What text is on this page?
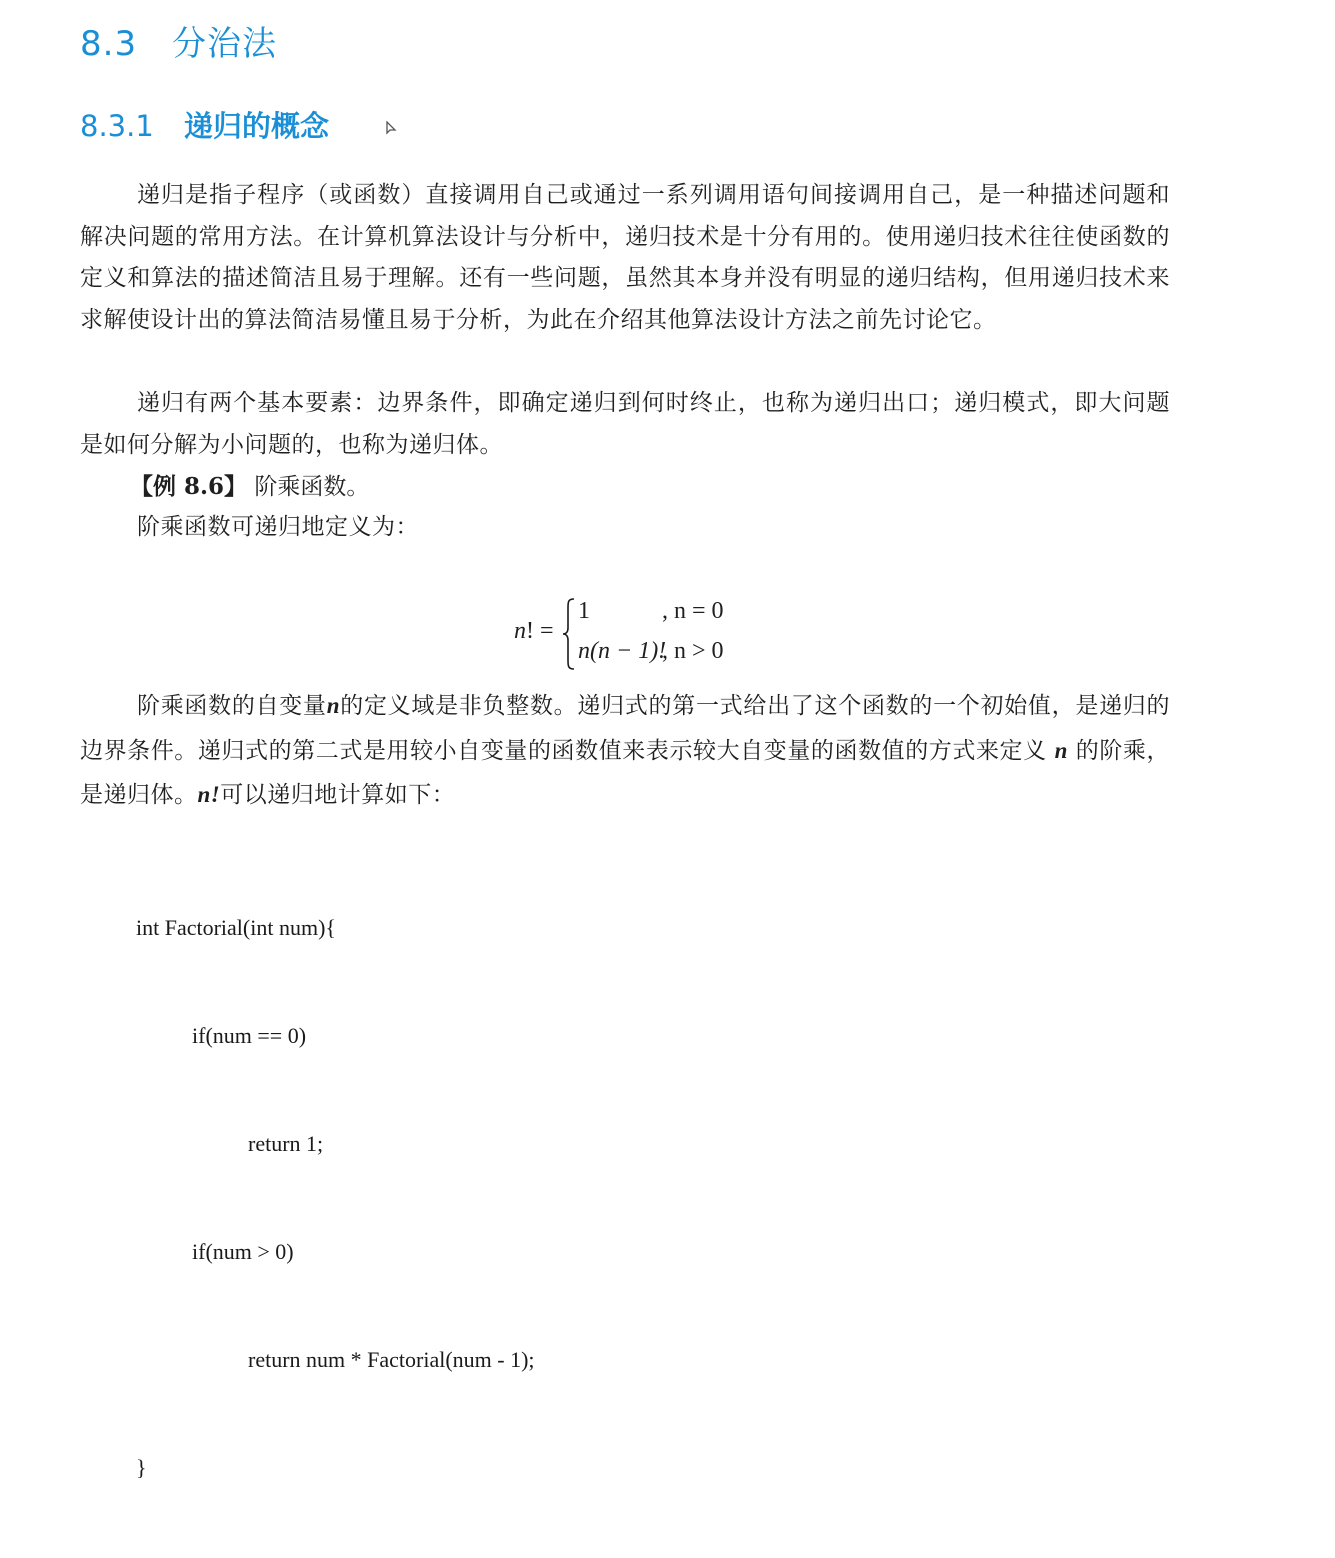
8.3 分治法
8.3.1 递归的概念

递归是指子程序（或函数）直接调用自己或通过一系列调用语句间接调用自己，是一种描述问题和解决问题的常用方法。在计算机算法设计与分析中，递归技术是十分有用的。使用递归技术往往使函数的定义和算法的描述简洁且易于理解。还有一些问题，虽然其本身并没有明显的递归结构，但用递归技术来求解使设计出的算法简洁易懂且易于分析，为此在介绍其他算法设计方法之前先讨论它。

递归有两个基本要素：边界条件，即确定递归到何时终止，也称为递归出口；递归模式，即大问题是如何分解为小问题的，也称为递归体。

【例 8.6】 阶乘函数。
阶乘函数可递归地定义为：
n! =
1	, n = 0
n(n − 1)!
, n > 0

阶乘函数的自变量n的定义域是非负整数。递归式的第一式给出了这个函数的一个初始值，是递归的边界条件。递归式的第二式是用较小自变量的函数值来表示较大自变量的函数值的方式来定义 n 的阶乘，是递归体。n!可以递归地计算如下：

int Factorial(int num){

if(num == 0)

return 1;

if(num > 0)

return num * Factorial(num - 1);

}
